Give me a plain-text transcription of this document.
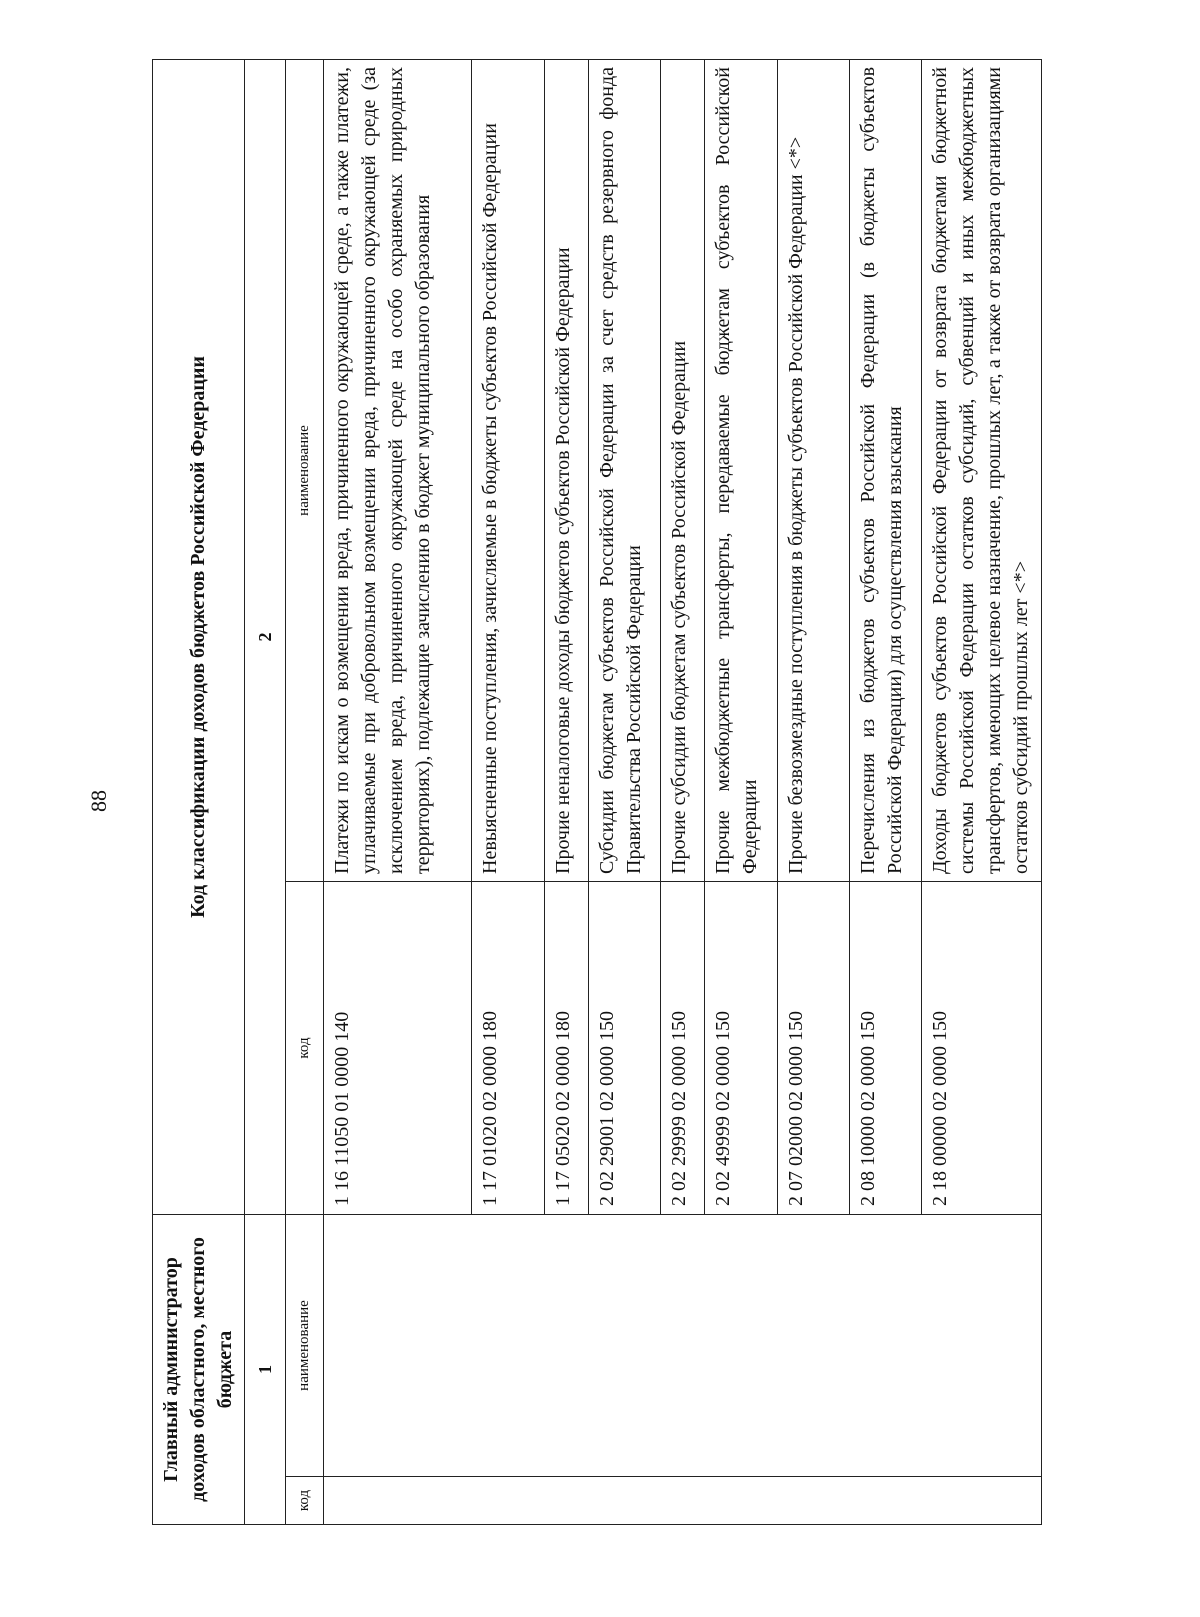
88
Главный администратор доходов областного, местного бюджета		Код классификации доходов бюджетов Российской Федерации	
1		2	
код	наименование	код	наименование
		1 16 11050 01 0000 140	Платежи по искам о возмещении вреда, причиненного окружающей среде, а также платежи, уплачиваемые при добровольном возмещении вреда, причиненного окружающей среде (за исключением вреда, причиненного окружающей среде на особо охраняемых природных территориях), подлежащие зачислению в бюджет муниципального образования
		1 17 01020 02 0000 180	Невыясненные поступления, зачисляемые в бюджеты субъектов Российской Федерации
		1 17 05020 02 0000 180	Прочие неналоговые доходы бюджетов субъектов Российской Федерации
		2 02 29001 02 0000 150	Субсидии бюджетам субъектов Российской Федерации за счет средств резервного фонда Правительства Российской Федерации
		2 02 29999 02 0000 150	Прочие субсидии бюджетам субъектов Российской Федерации
		2 02 49999 02 0000 150	Прочие межбюджетные трансферты, передаваемые бюджетам субъектов Российской Федерации
		2 07 02000 02 0000 150	Прочие безвозмездные поступления в бюджеты субъектов Российской Федерации <*>
		2 08 10000 02 0000 150	Перечисления из бюджетов субъектов Российской Федерации (в бюджеты субъектов Российской Федерации) для осуществления взыскания
		2 18 00000 02 0000 150	Доходы бюджетов субъектов Российской Федерации от возврата бюджетами бюджетной системы Российской Федерации остатков субсидий, субвенций и иных межбюджетных трансфертов, имеющих целевое назначение, прошлых лет, а также от возврата организациями остатков субсидий прошлых лет <*>
